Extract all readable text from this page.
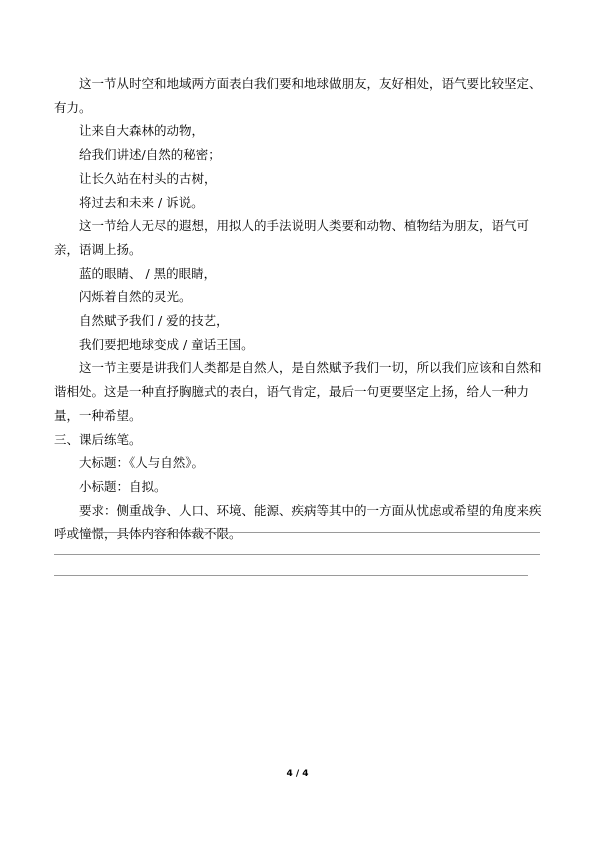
这一节从时空和地域两方面表白我们要和地球做朋友，友好相处，语气要比较坚定、有力。

让来自大森林的动物，

给我们讲述/自然的秘密；

让长久站在村头的古树，

将过去和未来 / 诉说。

这一节给人无尽的遐想，用拟人的手法说明人类要和动物、植物结为朋友，语气可亲，语调上扬。

蓝的眼睛、 / 黑的眼睛，

闪烁着自然的灵光。

自然赋予我们 / 爱的技艺，

我们要把地球变成 / 童话王国。

这一节主要是讲我们人类都是自然人，是自然赋予我们一切，所以我们应该和自然和谐相处。这是一种直抒胸臆式的表白，语气肯定，最后一句更要坚定上扬，给人一种力量，一种希望。

三、课后练笔。

大标题：《人与自然》。

小标题：自拟。

要求：侧重战争、人口、环境、能源、疾病等其中的一方面从忧虑或希望的角度来疾呼或憧憬，具体内容和体裁不限。

4 / 4
